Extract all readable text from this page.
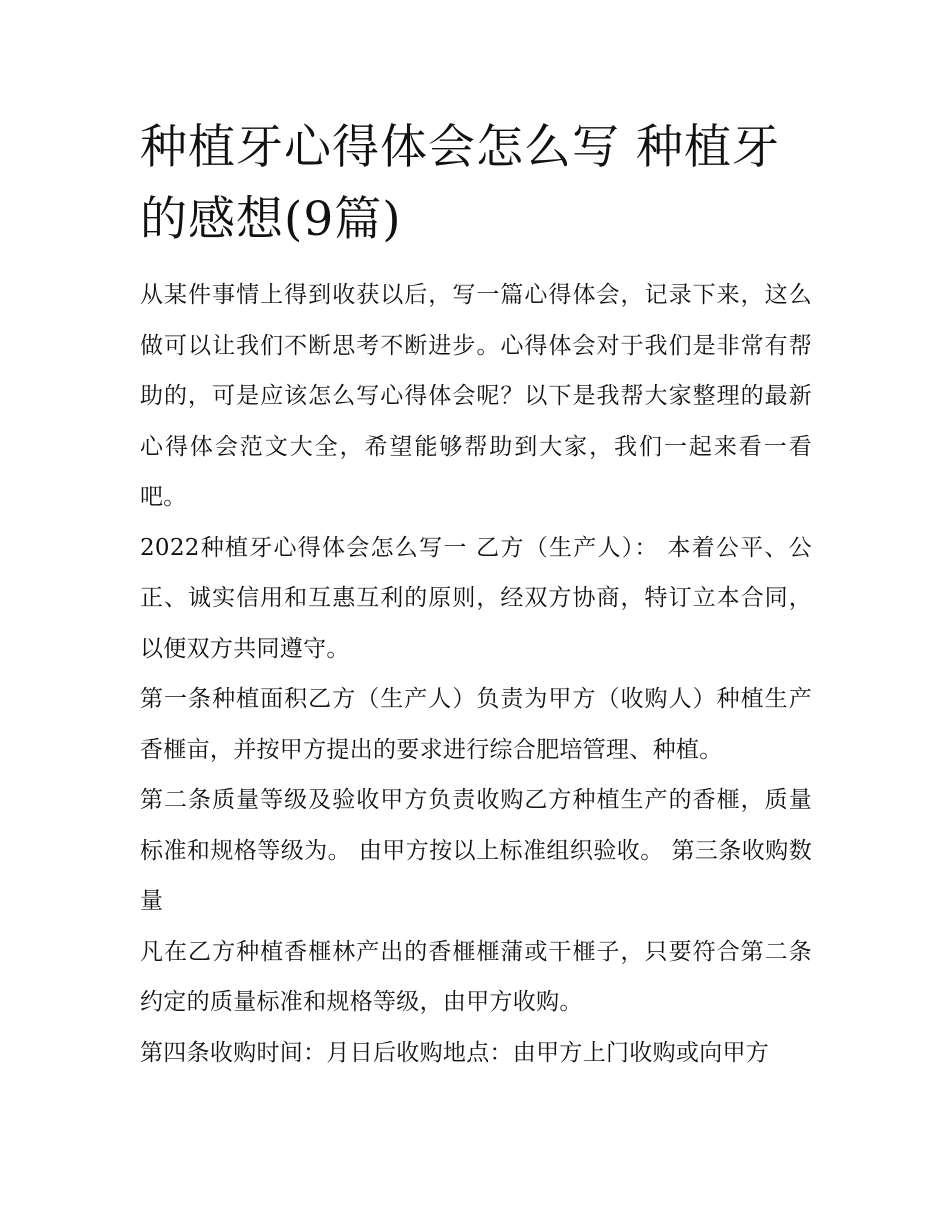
种植牙心得体会怎么写 种植牙的感想(9篇)

从某件事情上得到收获以后，写一篇心得体会，记录下来，这么做可以让我们不断思考不断进步。心得体会对于我们是非常有帮助的，可是应该怎么写心得体会呢？以下是我帮大家整理的最新心得体会范文大全，希望能够帮助到大家，我们一起来看一看吧。

2022种植牙心得体会怎么写一 乙方（生产人）： 本着公平、公正、诚实信用和互惠互利的原则，经双方协商，特订立本合同，以便双方共同遵守。

第一条种植面积乙方（生产人）负责为甲方（收购人）种植生产香榧亩，并按甲方提出的要求进行综合肥培管理、种植。

第二条质量等级及验收甲方负责收购乙方种植生产的香榧，质量标准和规格等级为。 由甲方按以上标准组织验收。 第三条收购数量

凡在乙方种植香榧林产出的香榧榧蒲或干榧子，只要符合第二条约定的质量标准和规格等级，由甲方收购。

第四条收购时间：月日后收购地点：由甲方上门收购或向甲方
